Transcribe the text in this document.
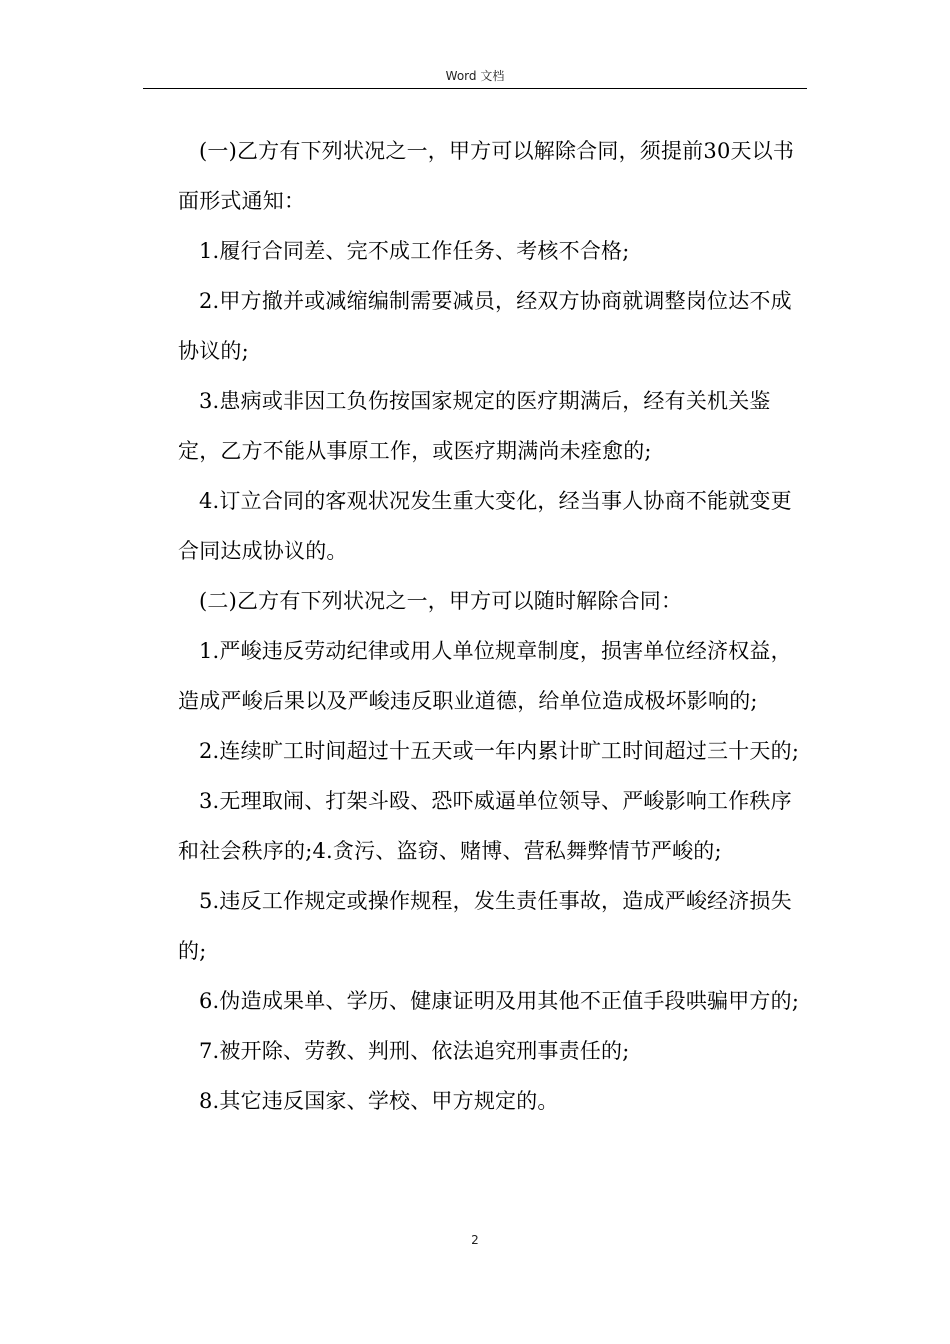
Word 文档

(一)乙方有下列状况之一，甲方可以解除合同，须提前30天以书面形式通知：

1.履行合同差、完不成工作任务、考核不合格;

2.甲方撤并或减缩编制需要减员，经双方协商就调整岗位达不成协议的;

3.患病或非因工负伤按国家规定的医疗期满后，经有关机关鉴定，乙方不能从事原工作，或医疗期满尚未痊愈的;

4.订立合同的客观状况发生重大变化，经当事人协商不能就变更合同达成协议的。

(二)乙方有下列状况之一，甲方可以随时解除合同：

1.严峻违反劳动纪律或用人单位规章制度，损害单位经济权益，造成严峻后果以及严峻违反职业道德，给单位造成极坏影响的;

2.连续旷工时间超过十五天或一年内累计旷工时间超过三十天的;

3.无理取闹、打架斗殴、恐吓威逼单位领导、严峻影响工作秩序和社会秩序的;4.贪污、盗窃、赌博、营私舞弊情节严峻的;

5.违反工作规定或操作规程，发生责任事故，造成严峻经济损失的;

6.伪造成果单、学历、健康证明及用其他不正值手段哄骗甲方的;

7.被开除、劳教、判刑、依法追究刑事责任的;

8.其它违反国家、学校、甲方规定的。

2
